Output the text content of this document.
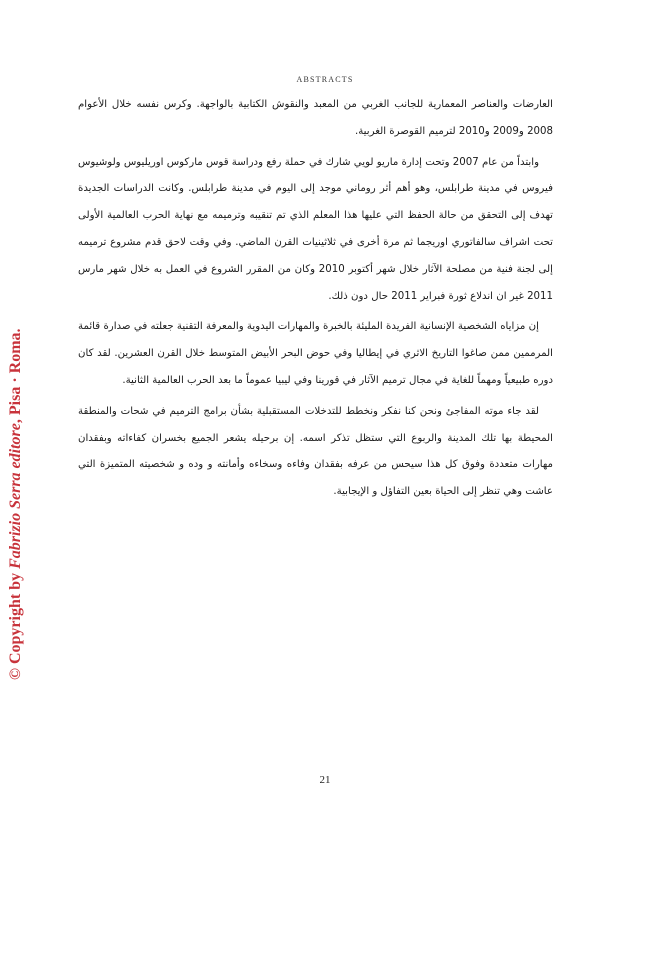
ABSTRACTS

العارضات والعناصر المعمارية للجانب الغربي من المعبد والنقوش الكتابية بالواجهة. وكرس نفسه خلال الأعوام 2008 و2009 و2010 لترميم القوصرة الغربية.

وابتداً من عام 2007 وتحت إدارة ماريو لويي شارك في حملة رفع ودراسة قوس ماركوس اوريليوس ولوشيوس فيروس في مدينة طرابلس، وهو أهم أثر روماني موجد إلى اليوم في مدينة طرابلس. وكانت الدراسات الجديدة تهدف إلى التحقق من حالة الحفظ التي عليها هذا المعلم الذي تم تنقيبه وترميمه مع نهاية الحرب العالمية الأولى تحت اشراف سالفاتوري اوريجما ثم مرة أخرى في ثلاثينيات القرن الماضي. وفي وقت لاحق قدم مشروع ترميمه إلى لجنة فنية من مصلحة الآثار خلال شهر أكتوبر 2010 وكان من المقرر الشروع في العمل به خلال شهر مارس 2011 غير ان اندلاع ثورة فبراير 2011 حال دون ذلك.

إن مزاياه الشخصية الإنسانية الفريدة المليئة بالخبرة والمهارات اليدوية والمعرفة التقنية جعلته في صدارة قائمة المرممين ممن صاغوا التاريخ الاثري في إيطاليا وفي حوض البحر الأبيض المتوسط خلال القرن العشرين. لقد كان دوره طبيعياً ومهماً للغاية في مجال ترميم الآثار في قورينا وفي ليبيا عموماً ما بعد الحرب العالمية الثانية.

لقد جاء موته المفاجئ ونحن كنا نفكر ونخطط للتدخلات المستقبلية بشأن برامج الترميم في شحات والمنطقة المحيطة بها تلك المدينة والربوع التي ستظل تذكر اسمه. إن برحيله يشعر الجميع بخسران كفاءاته وبفقدان مهارات متعددة وفوق كل هذا سيحس من عرفه بفقدان وفاءه وسخاءه وأمانته و وده و شخصيته المتميزة التي عاشت وهي تنظر إلى الحياة بعين التفاؤل و الإيجابية.

© Copyright by Fabrizio Serra editore, Pisa · Roma.
21
